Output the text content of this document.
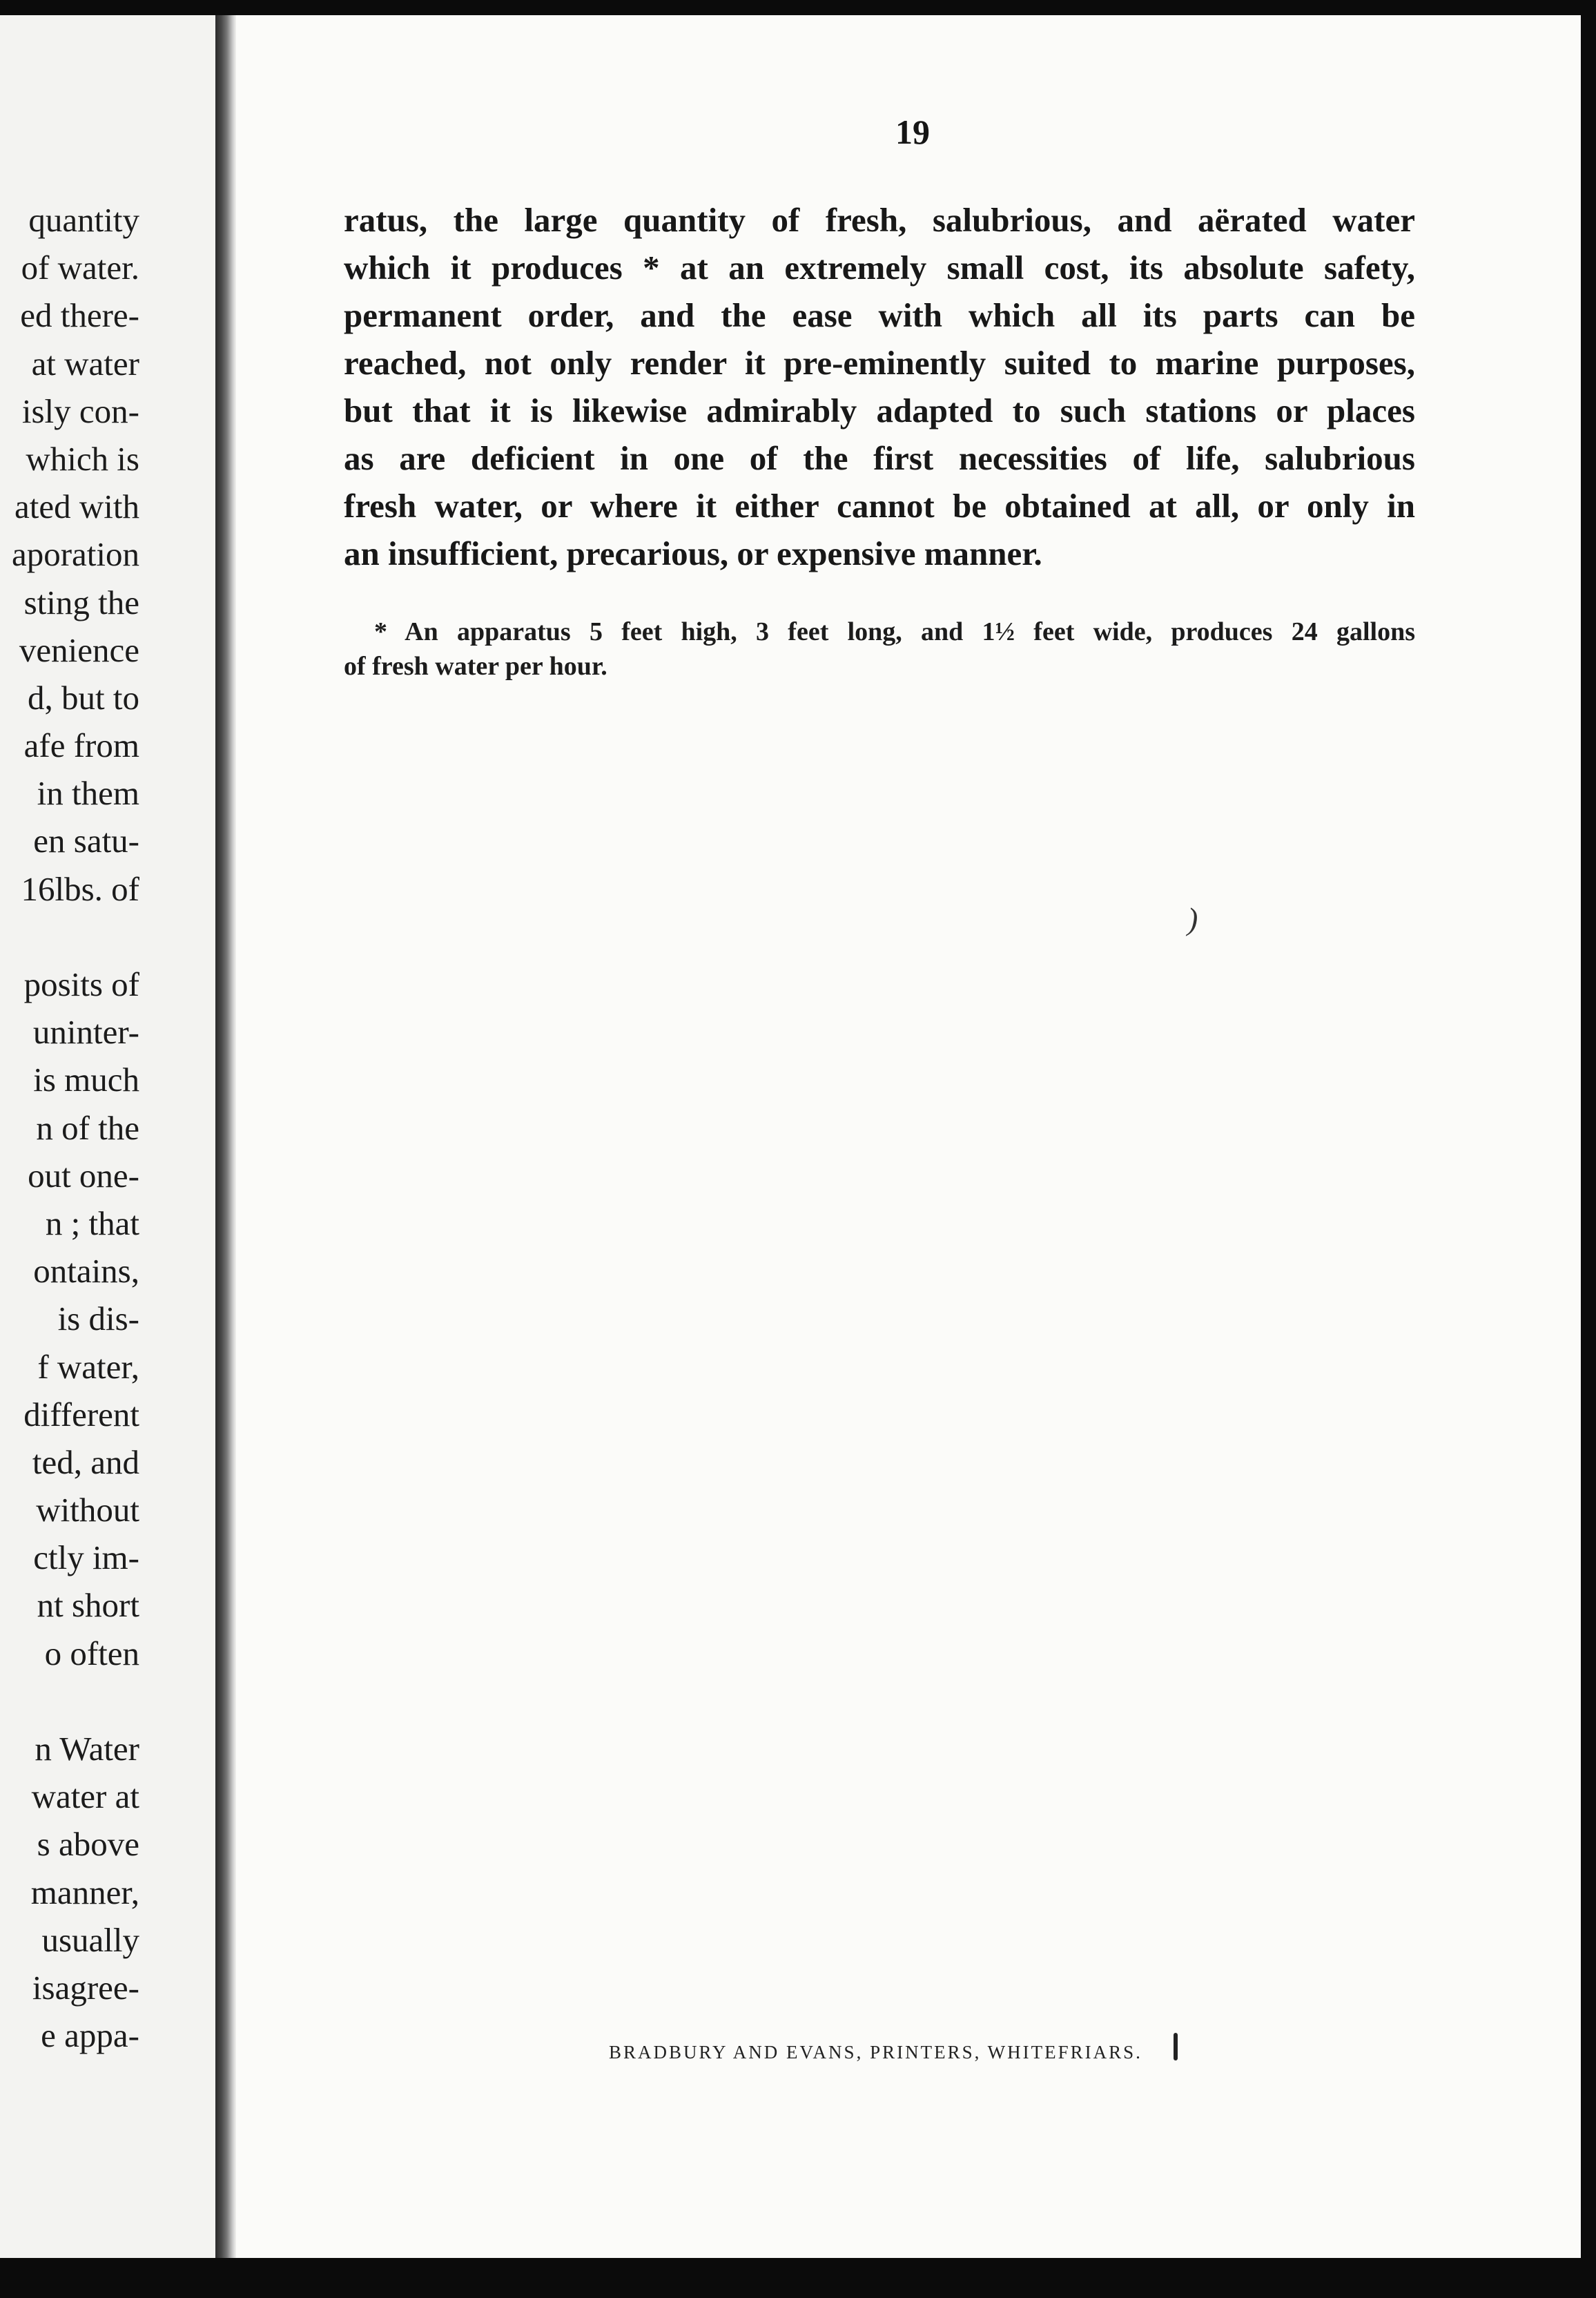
quantity
of water.
ed there-
at water
isly con-
which is
ated with
aporation
sting the
venience
d, but to
afe from
in them
en satu-
16lbs. of
posits of
uninter-
is much
n of the
out one-
n ; that
ontains,
is dis-
f water,
different
ted, and
without
ctly im-
nt short
o often
n Water
water at
s above
manner,
usually
isagree-
e appa-
19
ratus, the large quantity of fresh, salubrious, and aërated water
which it produces * at an extremely small cost, its absolute safety,
permanent order, and the ease with which all its parts can be
reached, not only render it pre-eminently suited to marine purposes,
but that it is likewise admirably adapted to such stations or places
as are deficient in one of the first necessities of life, salubrious
fresh water, or where it either cannot be obtained at all, or only in
an insufficient, precarious, or expensive manner.
* An apparatus 5 feet high, 3 feet long, and 1½ feet wide, produces 24 gallons
of fresh water per hour.
)
BRADBURY AND EVANS, PRINTERS, WHITEFRIARS.
